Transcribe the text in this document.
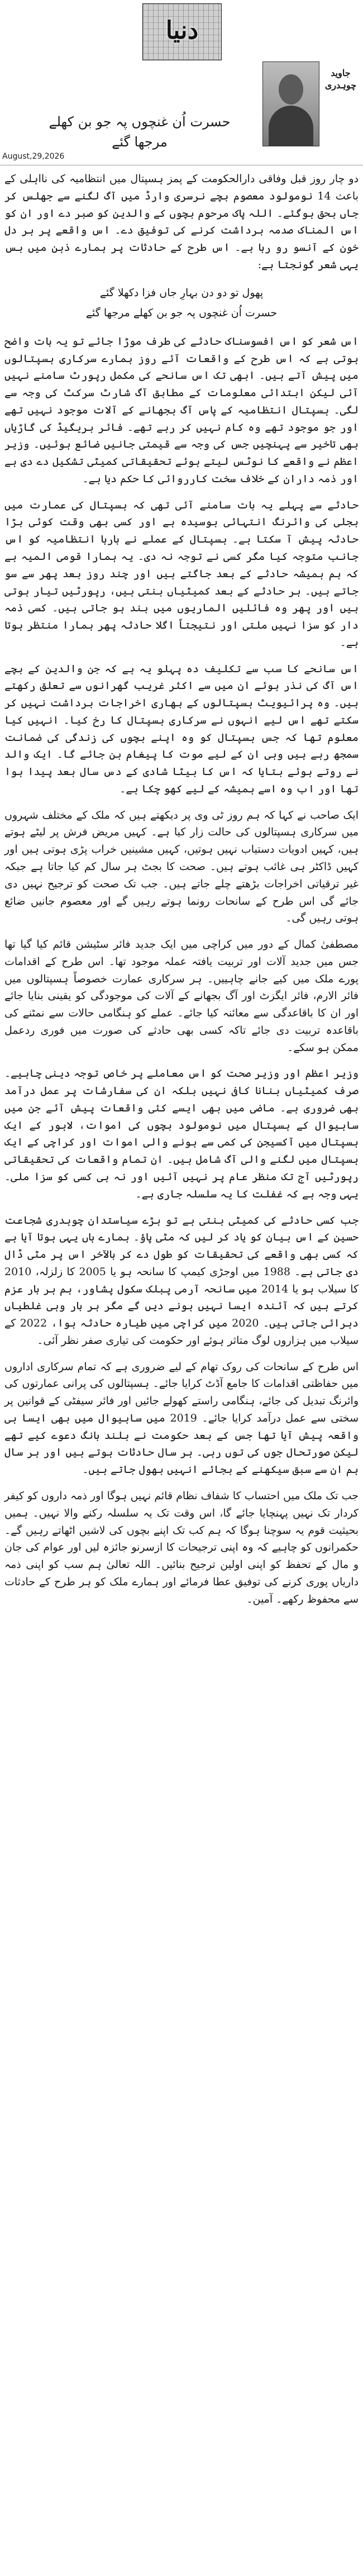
دنیا
جاوید چوہدری
حسرت اُن غنچوں پہ جو بن کھلے مرجھا گئے
August,29,2026

دو چار روز قبل وفاقی دارالحکومت کے پمز ہسپتال میں انتظامیہ کی نااہلی کے باعث 14 نومولود معصوم بچے نرسری وارڈ میں آگ لگنے سے جھلس کر جاں بحق ہوگئے۔ اللہ پاک مرحوم بچوں کے والدین کو صبر دے اور ان کو اس المناک صدمہ برداشت کرنے کی توفیق دے۔ اس واقعے پر ہر دل خون کے آنسو رو رہا ہے۔ اس طرح کے حادثات پر ہمارے ذہن میں بس یہی شعر گونجتا ہے:

پھول تو دو دن بہارِ جاں فزا دکھلا گئے
حسرت اُن غنچوں پہ جو بن کھلے مرجھا گئے

اس شعر کو اس افسوسناک حادثے کی طرف موڑا جائے تو یہ بات واضح ہوتی ہے کہ اس طرح کے واقعات آئے روز ہمارے سرکاری ہسپتالوں میں پیش آتے ہیں۔ ابھی تک اس سانحے کی مکمل رپورٹ سامنے نہیں آئی لیکن ابتدائی معلومات کے مطابق آگ شارٹ سرکٹ کی وجہ سے لگی۔ ہسپتال انتظامیہ کے پاس آگ بجھانے کے آلات موجود نہیں تھے اور جو موجود تھے وہ کام نہیں کر رہے تھے۔ فائر بریگیڈ کی گاڑیاں بھی تاخیر سے پہنچیں جس کی وجہ سے قیمتی جانیں ضائع ہوئیں۔ وزیر اعظم نے واقعے کا نوٹس لیتے ہوئے تحقیقاتی کمیٹی تشکیل دے دی ہے اور ذمہ داران کے خلاف سخت کارروائی کا حکم دیا ہے۔

حادثے سے پہلے یہ بات سامنے آئی تھی کہ ہسپتال کی عمارت میں بجلی کی وائرنگ انتہائی بوسیدہ ہے اور کسی بھی وقت کوئی بڑا حادثہ پیش آ سکتا ہے۔ ہسپتال کے عملے نے بارہا انتظامیہ کو اس جانب متوجہ کیا مگر کسی نے توجہ نہ دی۔ یہ ہمارا قومی المیہ ہے کہ ہم ہمیشہ حادثے کے بعد جاگتے ہیں اور چند روز بعد پھر سے سو جاتے ہیں۔ ہر حادثے کے بعد کمیٹیاں بنتی ہیں، رپورٹیں تیار ہوتی ہیں اور پھر وہ فائلیں الماریوں میں بند ہو جاتی ہیں۔ کسی ذمہ دار کو سزا نہیں ملتی اور نتیجتاً اگلا حادثہ پھر ہمارا منتظر ہوتا ہے۔

اس سانحے کا سب سے تکلیف دہ پہلو یہ ہے کہ جن والدین کے بچے اس آگ کی نذر ہوئے ان میں سے اکثر غریب گھرانوں سے تعلق رکھتے ہیں۔ وہ پرائیویٹ ہسپتالوں کے بھاری اخراجات برداشت نہیں کر سکتے تھے اس لیے انہوں نے سرکاری ہسپتال کا رخ کیا۔ انہیں کیا معلوم تھا کہ جس ہسپتال کو وہ اپنے بچوں کی زندگی کی ضمانت سمجھ رہے ہیں وہی ان کے لیے موت کا پیغام بن جائے گا۔ ایک والد نے روتے ہوئے بتایا کہ اس کا بیٹا شادی کے دس سال بعد پیدا ہوا تھا اور اب وہ اسے ہمیشہ کے لیے کھو چکا ہے۔

ایک صاحب نے کہا کہ ہم روز ٹی وی پر دیکھتے ہیں کہ ملک کے مختلف شہروں میں سرکاری ہسپتالوں کی حالت زار کیا ہے۔ کہیں مریض فرش پر لیٹے ہوتے ہیں، کہیں ادویات دستیاب نہیں ہوتیں، کہیں مشینیں خراب پڑی ہوتی ہیں اور کہیں ڈاکٹر ہی غائب ہوتے ہیں۔ صحت کا بجٹ ہر سال کم کیا جاتا ہے جبکہ غیر ترقیاتی اخراجات بڑھتے چلے جاتے ہیں۔ جب تک صحت کو ترجیح نہیں دی جائے گی اس طرح کے سانحات رونما ہوتے رہیں گے اور معصوم جانیں ضائع ہوتی رہیں گی۔

مصطفیٰ کمال کے دور میں کراچی میں ایک جدید فائر سٹیشن قائم کیا گیا تھا جس میں جدید آلات اور تربیت یافتہ عملہ موجود تھا۔ اس طرح کے اقدامات پورے ملک میں کیے جانے چاہییں۔ ہر سرکاری عمارت خصوصاً ہسپتالوں میں فائر الارم، فائر ایگزٹ اور آگ بجھانے کے آلات کی موجودگی کو یقینی بنایا جائے اور ان کا باقاعدگی سے معائنہ کیا جائے۔ عملے کو ہنگامی حالات سے نمٹنے کی باقاعدہ تربیت دی جائے تاکہ کسی بھی حادثے کی صورت میں فوری ردعمل ممکن ہو سکے۔

وزیر اعظم اور وزیر صحت کو اس معاملے پر خاص توجہ دینی چاہیے۔ صرف کمیٹیاں بنانا کافی نہیں بلکہ ان کی سفارشات پر عمل درآمد بھی ضروری ہے۔ ماضی میں بھی ایسے کئی واقعات پیش آئے جن میں ساہیوال کے ہسپتال میں نومولود بچوں کی اموات، لاہور کے ایک ہسپتال میں آکسیجن کی کمی سے ہونے والی اموات اور کراچی کے ایک ہسپتال میں لگنے والی آگ شامل ہیں۔ ان تمام واقعات کی تحقیقاتی رپورٹیں آج تک منظر عام پر نہیں آئیں اور نہ ہی کسی کو سزا ملی۔ یہی وجہ ہے کہ غفلت کا یہ سلسلہ جاری ہے۔

جب کسی حادثے کی کمیٹی بنتی ہے تو بڑے سیاستدان چوہدری شجاعت حسین کے اس بیان کو یاد کر لیں کہ مٹی پاؤ۔ ہمارے ہاں یہی ہوتا آیا ہے کہ کسی بھی واقعے کی تحقیقات کو طول دے کر بالآخر اس پر مٹی ڈال دی جاتی ہے۔ 1988 میں اوجڑی کیمپ کا سانحہ ہو یا 2005 کا زلزلہ، 2010 کا سیلاب ہو یا 2014 میں سانحہ آرمی پبلک سکول پشاور، ہم ہر بار عزم کرتے ہیں کہ آئندہ ایسا نہیں ہونے دیں گے مگر ہر بار وہی غلطیاں دہرائی جاتی ہیں۔ 2020 میں کراچی میں طیارہ حادثہ ہوا، 2022 کے سیلاب میں ہزاروں لوگ متاثر ہوئے اور حکومت کی تیاری صفر نظر آئی۔

اس طرح کے سانحات کی روک تھام کے لیے ضروری ہے کہ تمام سرکاری اداروں میں حفاظتی اقدامات کا جامع آڈٹ کرایا جائے۔ ہسپتالوں کی پرانی عمارتوں کی وائرنگ تبدیل کی جائے، ہنگامی راستے کھولے جائیں اور فائر سیفٹی کے قوانین پر سختی سے عمل درآمد کرایا جائے۔ 2019 میں ساہیوال میں بھی ایسا ہی واقعہ پیش آیا تھا جس کے بعد حکومت نے بلند بانگ دعوے کیے تھے لیکن صورتحال جوں کی توں رہی۔ ہر سال حادثات ہوتے ہیں اور ہر سال ہم ان سے سبق سیکھنے کے بجائے انہیں بھول جاتے ہیں۔

جب تک ملک میں احتساب کا شفاف نظام قائم نہیں ہوگا اور ذمہ داروں کو کیفر کردار تک نہیں پہنچایا جائے گا، اس وقت تک یہ سلسلہ رکنے والا نہیں۔ ہمیں بحیثیت قوم یہ سوچنا ہوگا کہ ہم کب تک اپنے بچوں کی لاشیں اٹھاتے رہیں گے۔ حکمرانوں کو چاہیے کہ وہ اپنی ترجیحات کا ازسرنو جائزہ لیں اور عوام کی جان و مال کے تحفظ کو اپنی اولین ترجیح بنائیں۔ اللہ تعالیٰ ہم سب کو اپنی ذمہ داریاں پوری کرنے کی توفیق عطا فرمائے اور ہمارے ملک کو ہر طرح کے حادثات سے محفوظ رکھے۔ آمین۔
